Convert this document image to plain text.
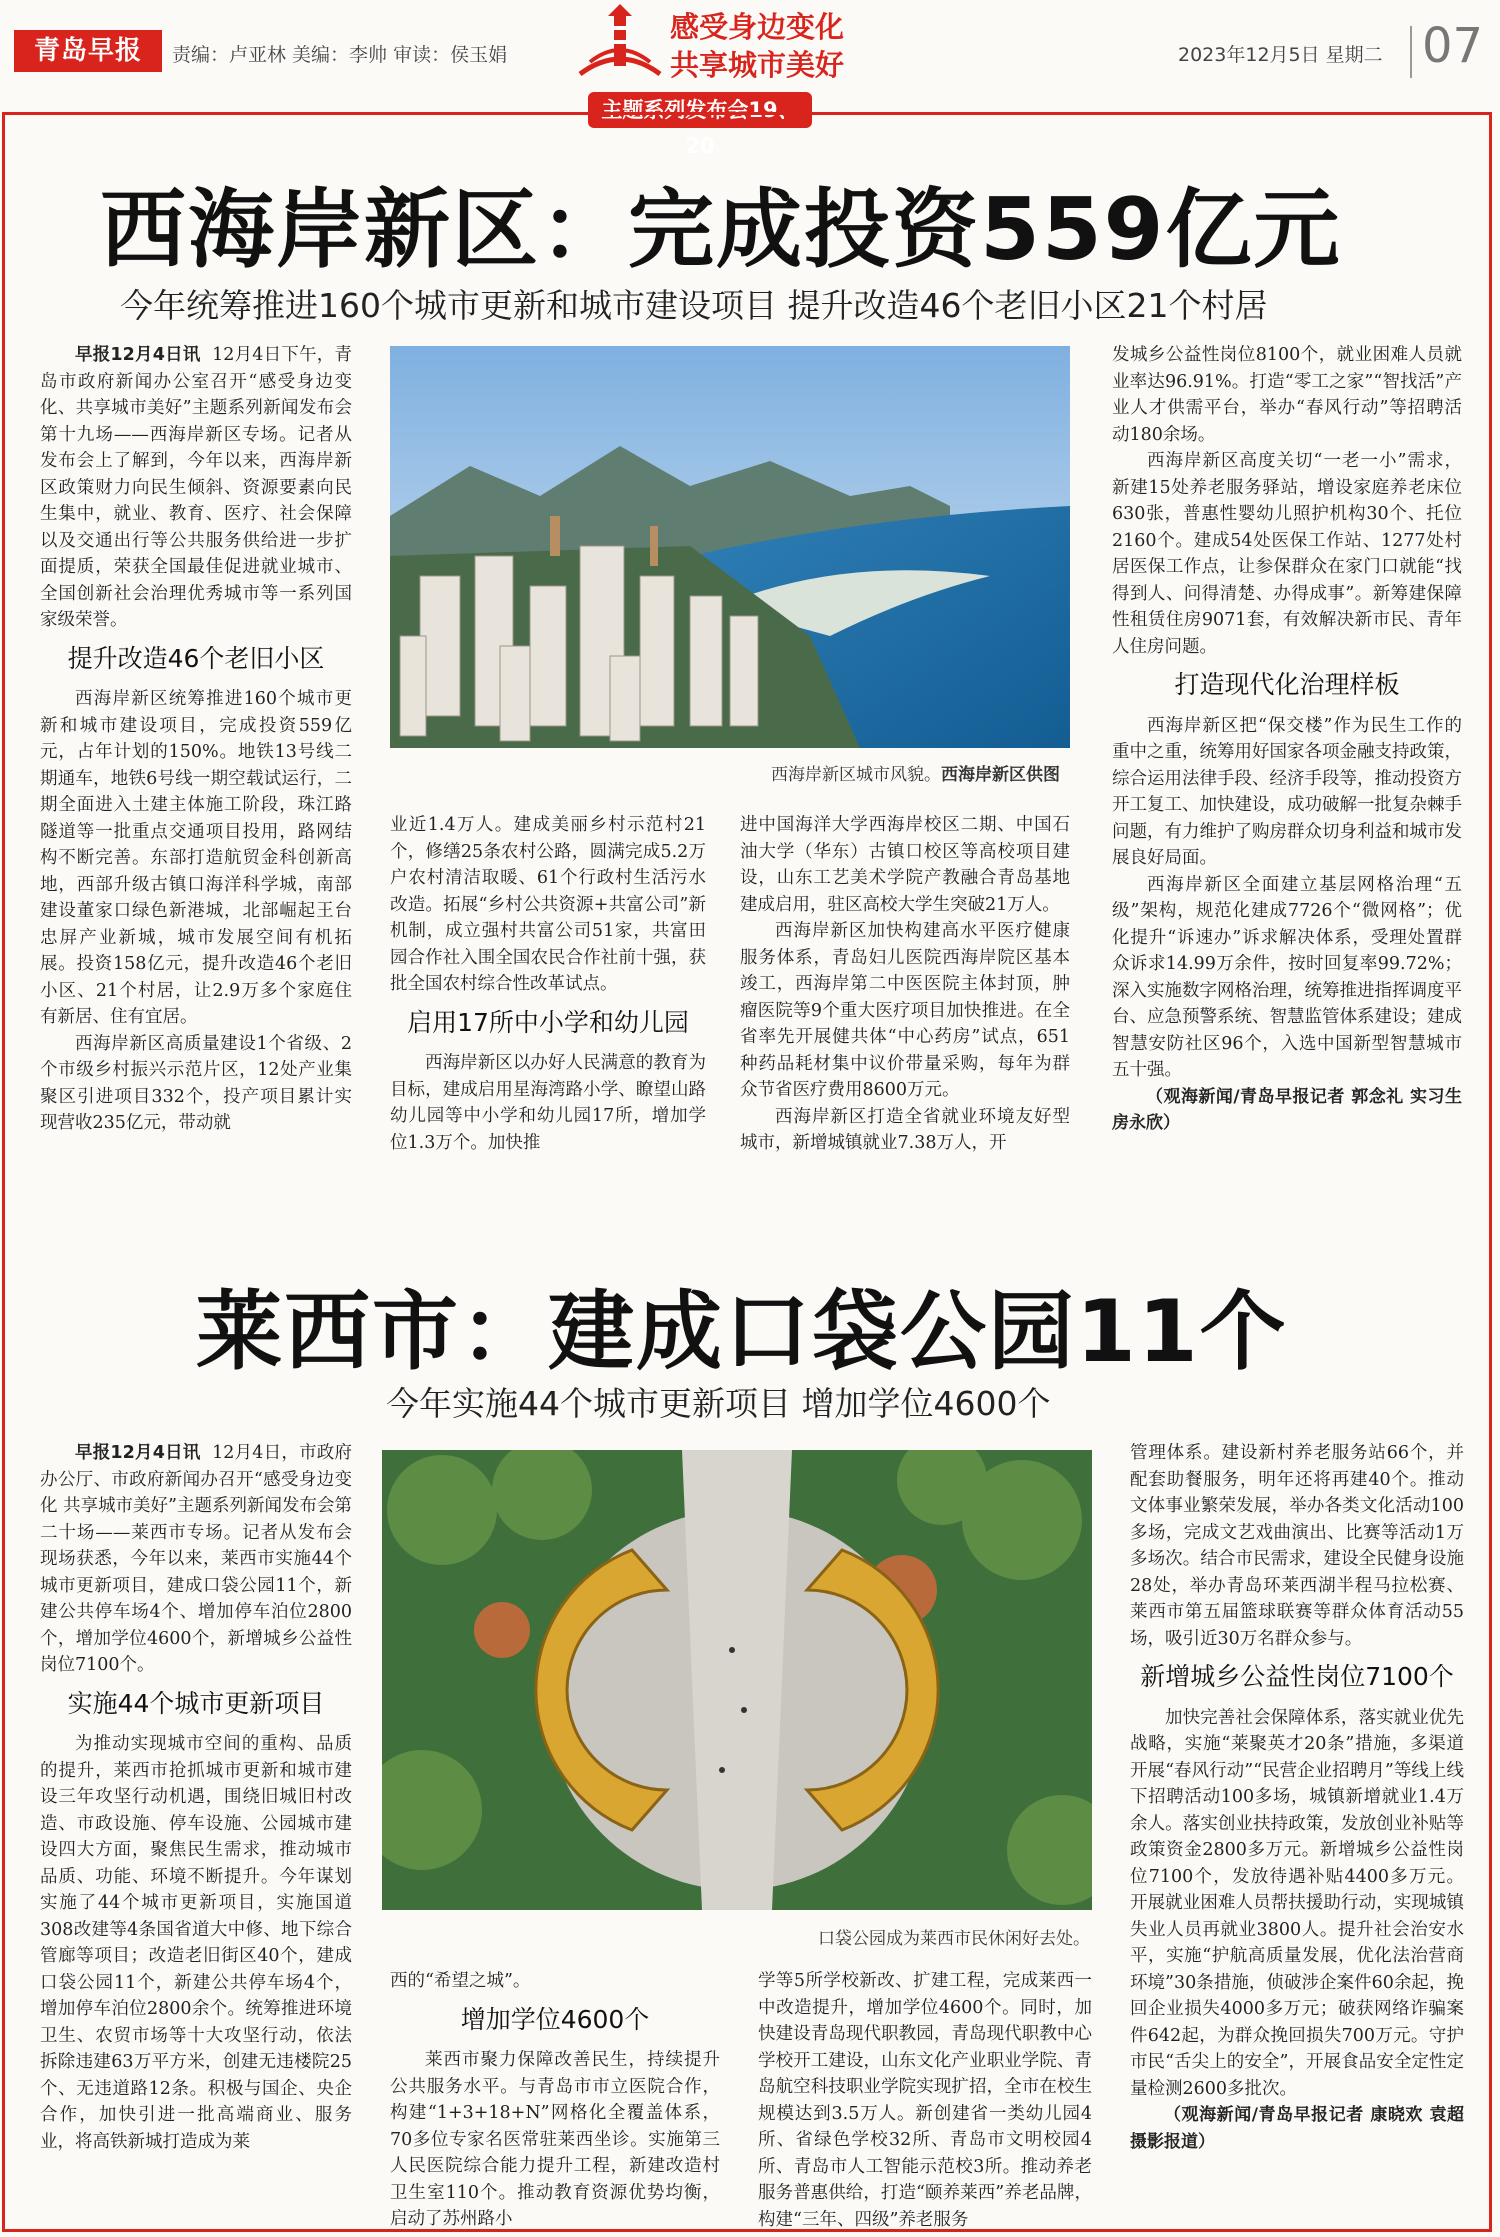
青岛早报	责编：卢亚林 美编：李帅 审读：侯玉娟
感受身边变化
共享城市美好
主题系列发布会19、20
2023年12月5日 星期二 07
西海岸新区：完成投资559亿元
今年统筹推进160个城市更新和城市建设项目 提升改造46个老旧小区21个村居

早报12月4日讯 12月4日下午，青岛市政府新闻办公室召开“感受身边变化、共享城市美好”主题系列新闻发布会第十九场——西海岸新区专场。记者从发布会上了解到，今年以来，西海岸新区政策财力向民生倾斜、资源要素向民生集中，就业、教育、医疗、社会保障以及交通出行等公共服务供给进一步扩面提质，荣获全国最佳促进就业城市、全国创新社会治理优秀城市等一系列国家级荣誉。

提升改造46个老旧小区

西海岸新区统筹推进160个城市更新和城市建设项目，完成投资559亿元，占年计划的150%。地铁13号线二期通车，地铁6号线一期空载试运行，二期全面进入土建主体施工阶段，珠江路隧道等一批重点交通项目投用，路网结构不断完善。东部打造航贸金科创新高地，西部升级古镇口海洋科学城，南部建设董家口绿色新港城，北部崛起王台忠屏产业新城，城市发展空间有机拓展。投资158亿元，提升改造46个老旧小区、21个村居，让2.9万多个家庭住有新居、住有宜居。

西海岸新区高质量建设1个省级、2个市级乡村振兴示范片区，12处产业集聚区引进项目332个，投产项目累计实现营收235亿元，带动就

西海岸新区城市风貌。西海岸新区供图

业近1.4万人。建成美丽乡村示范村21个，修缮25条农村公路，圆满完成5.2万户农村清洁取暖、61个行政村生活污水改造。拓展“乡村公共资源+共富公司”新机制，成立强村共富公司51家，共富田园合作社入围全国农民合作社前十强，获批全国农村综合性改革试点。

启用17所中小学和幼儿园

西海岸新区以办好人民满意的教育为目标，建成启用星海湾路小学、瞭望山路幼儿园等中小学和幼儿园17所，增加学位1.3万个。加快推

进中国海洋大学西海岸校区二期、中国石油大学（华东）古镇口校区等高校项目建设，山东工艺美术学院产教融合青岛基地建成启用，驻区高校大学生突破21万人。

西海岸新区加快构建高水平医疗健康服务体系，青岛妇儿医院西海岸院区基本竣工，西海岸第二中医医院主体封顶，肿瘤医院等9个重大医疗项目加快推进。在全省率先开展健共体“中心药房”试点，651种药品耗材集中议价带量采购，每年为群众节省医疗费用8600万元。

西海岸新区打造全省就业环境友好型城市，新增城镇就业7.38万人，开

发城乡公益性岗位8100个，就业困难人员就业率达96.91%。打造“零工之家”“智找活”产业人才供需平台，举办“春风行动”等招聘活动180余场。

西海岸新区高度关切“一老一小”需求，新建15处养老服务驿站，增设家庭养老床位630张，普惠性婴幼儿照护机构30个、托位2160个。建成54处医保工作站、1277处村居医保工作点，让参保群众在家门口就能“找得到人、问得清楚、办得成事”。新筹建保障性租赁住房9071套，有效解决新市民、青年人住房问题。

打造现代化治理样板

西海岸新区把“保交楼”作为民生工作的重中之重，统筹用好国家各项金融支持政策，综合运用法律手段、经济手段等，推动投资方开工复工、加快建设，成功破解一批复杂棘手问题，有力维护了购房群众切身利益和城市发展良好局面。

西海岸新区全面建立基层网格治理“五级”架构，规范化建成7726个“微网格”；优化提升“诉速办”诉求解决体系，受理处置群众诉求14.99万余件，按时回复率99.72%；深入实施数字网格治理，统筹推进指挥调度平台、应急预警系统、智慧监管体系建设；建成智慧安防社区96个，入选中国新型智慧城市五十强。

（观海新闻/青岛早报记者 郭念礼 实习生 房永欣）

莱西市：建成口袋公园11个
今年实施44个城市更新项目 增加学位4600个

早报12月4日讯 12月4日，市政府办公厅、市政府新闻办召开“感受身边变化 共享城市美好”主题系列新闻发布会第二十场——莱西市专场。记者从发布会现场获悉，今年以来，莱西市实施44个城市更新项目，建成口袋公园11个，新建公共停车场4个、增加停车泊位2800个，增加学位4600个，新增城乡公益性岗位7100个。

实施44个城市更新项目

为推动实现城市空间的重构、品质的提升，莱西市抢抓城市更新和城市建设三年攻坚行动机遇，围绕旧城旧村改造、市政设施、停车设施、公园城市建设四大方面，聚焦民生需求，推动城市品质、功能、环境不断提升。今年谋划实施了44个城市更新项目，实施国道308改建等4条国省道大中修、地下综合管廊等项目；改造老旧街区40个，建成口袋公园11个，新建公共停车场4个，增加停车泊位2800余个。统筹推进环境卫生、农贸市场等十大攻坚行动，依法拆除违建63万平方米，创建无违楼院25个、无违道路12条。积极与国企、央企合作，加快引进一批高端商业、服务业，将高铁新城打造成为莱

口袋公园成为莱西市民休闲好去处。

西的“希望之城”。

增加学位4600个

莱西市聚力保障改善民生，持续提升公共服务水平。与青岛市市立医院合作，构建“1+3+18+N”网格化全覆盖体系，70多位专家名医常驻莱西坐诊。实施第三人民医院综合能力提升工程，新建改造村卫生室110个。推动教育资源优势均衡，启动了苏州路小

学等5所学校新改、扩建工程，完成莱西一中改造提升，增加学位4600个。同时，加快建设青岛现代职教园，青岛现代职教中心学校开工建设，山东文化产业职业学院、青岛航空科技职业学院实现扩招，全市在校生规模达到3.5万人。新创建省一类幼儿园4所、省绿色学校32所、青岛市文明校园4所、青岛市人工智能示范校3所。推动养老服务普惠供给，打造“颐养莱西”养老品牌，构建“三年、四级”养老服务

管理体系。建设新村养老服务站66个，并配套助餐服务，明年还将再建40个。推动文体事业繁荣发展，举办各类文化活动100多场，完成文艺戏曲演出、比赛等活动1万多场次。结合市民需求，建设全民健身设施28处，举办青岛环莱西湖半程马拉松赛、莱西市第五届篮球联赛等群众体育活动55场，吸引近30万名群众参与。

新增城乡公益性岗位7100个

加快完善社会保障体系，落实就业优先战略，实施“莱聚英才20条”措施，多渠道开展“春风行动”“民营企业招聘月”等线上线下招聘活动100多场，城镇新增就业1.4万余人。落实创业扶持政策，发放创业补贴等政策资金2800多万元。新增城乡公益性岗位7100个，发放待遇补贴4400多万元。开展就业困难人员帮扶援助行动，实现城镇失业人员再就业3800人。提升社会治安水平，实施“护航高质量发展，优化法治营商环境”30条措施，侦破涉企案件60余起，挽回企业损失4000多万元；破获网络诈骗案件642起，为群众挽回损失700万元。守护市民“舌尖上的安全”，开展食品安全定性定量检测2600多批次。

（观海新闻/青岛早报记者 康晓欢 袁超 摄影报道）
